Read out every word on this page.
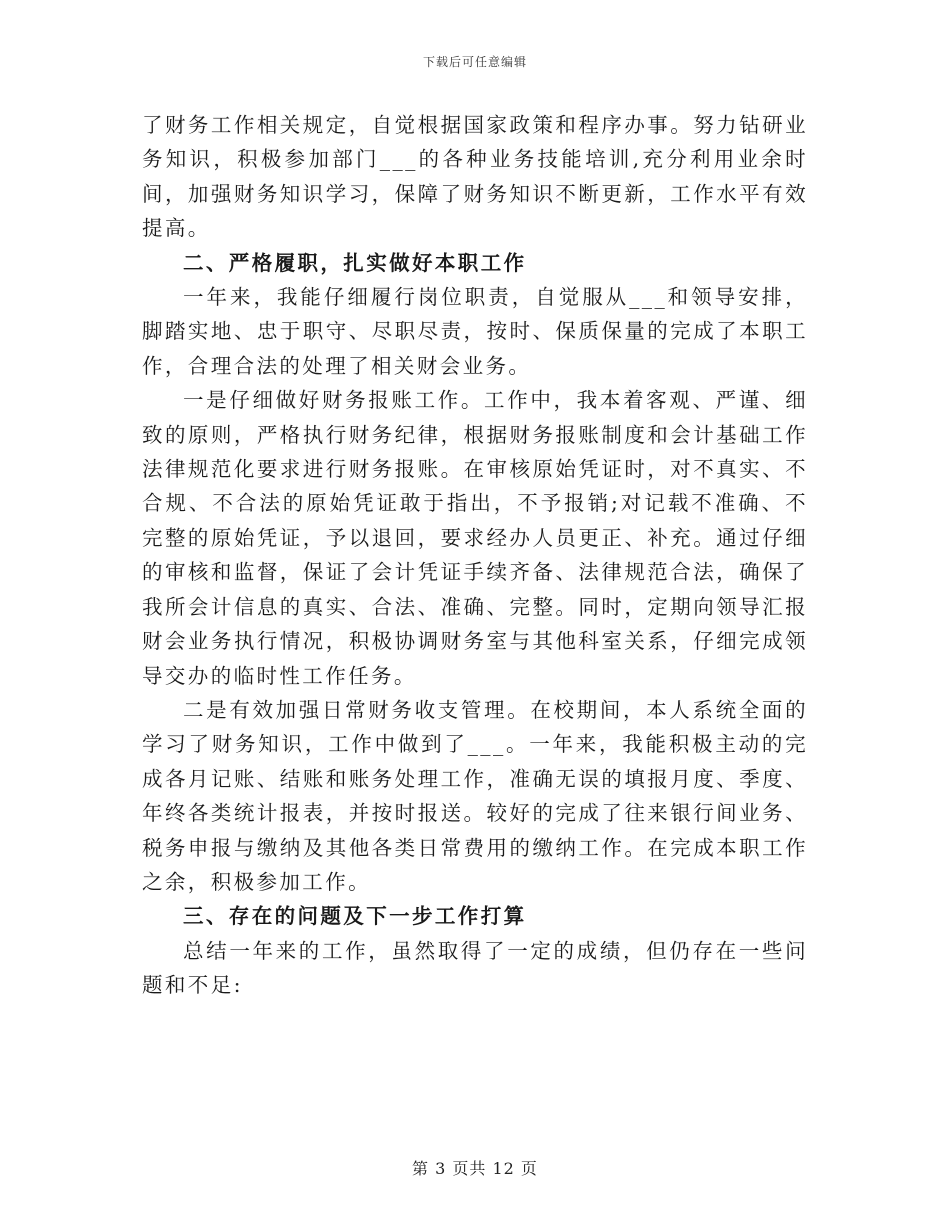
下载后可任意编辑

了财务工作相关规定，自觉根据国家政策和程序办事。努力钻研业务知识，积极参加部门___的各种业务技能培训,充分利用业余时间，加强财务知识学习，保障了财务知识不断更新，工作水平有效提高。

二、严格履职，扎实做好本职工作

一年来，我能仔细履行岗位职责，自觉服从___和领导安排，脚踏实地、忠于职守、尽职尽责，按时、保质保量的完成了本职工作，合理合法的处理了相关财会业务。

一是仔细做好财务报账工作。工作中，我本着客观、严谨、细致的原则，严格执行财务纪律，根据财务报账制度和会计基础工作法律规范化要求进行财务报账。在审核原始凭证时，对不真实、不合规、不合法的原始凭证敢于指出，不予报销;对记载不准确、不完整的原始凭证，予以退回，要求经办人员更正、补充。通过仔细的审核和监督，保证了会计凭证手续齐备、法律规范合法，确保了我所会计信息的真实、合法、准确、完整。同时，定期向领导汇报财会业务执行情况，积极协调财务室与其他科室关系，仔细完成领导交办的临时性工作任务。

二是有效加强日常财务收支管理。在校期间，本人系统全面的学习了财务知识，工作中做到了___。一年来，我能积极主动的完成各月记账、结账和账务处理工作，准确无误的填报月度、季度、年终各类统计报表，并按时报送。较好的完成了往来银行间业务、税务申报与缴纳及其他各类日常费用的缴纳工作。在完成本职工作之余，积极参加工作。

三、存在的问题及下一步工作打算

总结一年来的工作，虽然取得了一定的成绩，但仍存在一些问题和不足:

第 3 页共 12 页
